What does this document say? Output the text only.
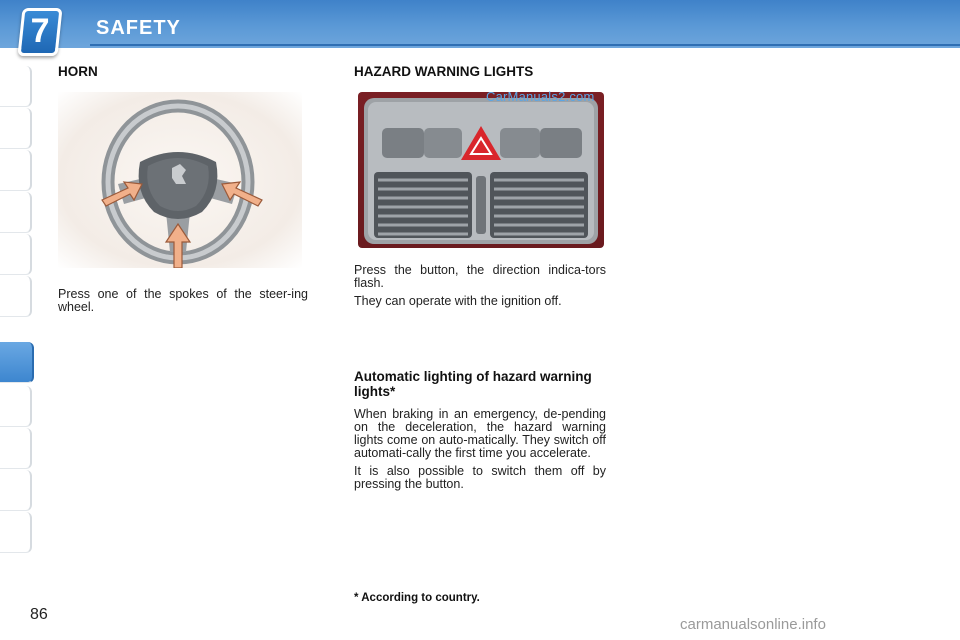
7	SAFETY
HORN

Press one of the spokes of the steer-ing wheel.

HAZARD WARNING LIGHTS
CarManuals2.com

Press the button, the direction indica-tors flash.

They can operate with the ignition off.

Automatic lighting of hazard warning lights*

When braking in an emergency, de-pending on the deceleration, the hazard warning lights come on auto-matically. They switch off automati-cally the first time you accelerate.

It is also possible to switch them off by pressing the button.

* According to country.
86
carmanualsonline.info
